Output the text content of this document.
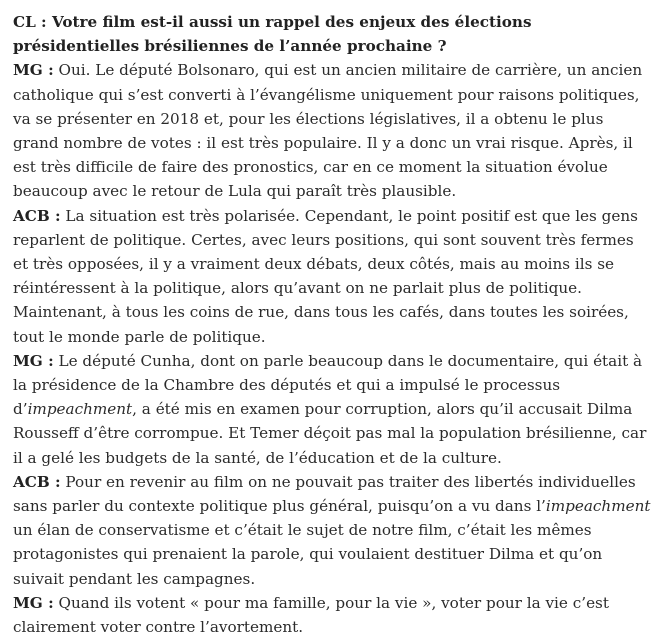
CL : Votre film est-il aussi un rappel des enjeux des élections présidentielles brésiliennes de l’année prochaine ?

MG : Oui. Le député Bolsonaro, qui est un ancien militaire de carrière, un ancien catholique qui s’est converti à l’évangélisme uniquement pour raisons politiques, va se présenter en 2018 et, pour les élections législatives, il a obtenu le plus grand nombre de votes : il est très populaire. Il y a donc un vrai risque. Après, il est très difficile de faire des pronostics, car en ce moment la situation évolue beaucoup avec le retour de Lula qui paraît très plausible.

ACB : La situation est très polarisée. Cependant, le point positif est que les gens reparlent de politique. Certes, avec leurs positions, qui sont souvent très fermes et très opposées, il y a vraiment deux débats, deux côtés, mais au moins ils se réintéressent à la politique, alors qu’avant on ne parlait plus de politique. Maintenant, à tous les coins de rue, dans tous les cafés, dans toutes les soirées, tout le monde parle de politique.

MG : Le député Cunha, dont on parle beaucoup dans le documentaire, qui était à la présidence de la Chambre des députés et qui a impulsé le processus d’impeachment, a été mis en examen pour corruption, alors qu’il accusait Dilma Rousseff d’être corrompue. Et Temer déçoit pas mal la population brésilienne, car il a gelé les budgets de la santé, de l’éducation et de la culture.

ACB : Pour en revenir au film on ne pouvait pas traiter des libertés individuelles sans parler du contexte politique plus général, puisqu’on a vu dans l’impeachment un élan de conservatisme et c’était le sujet de notre film, c’était les mêmes protagonistes qui prenaient la parole, qui voulaient destituer Dilma et qu’on suivait pendant les campagnes.

MG : Quand ils votent « pour ma famille, pour la vie », voter pour la vie c’est clairement voter contre l’avortement.
